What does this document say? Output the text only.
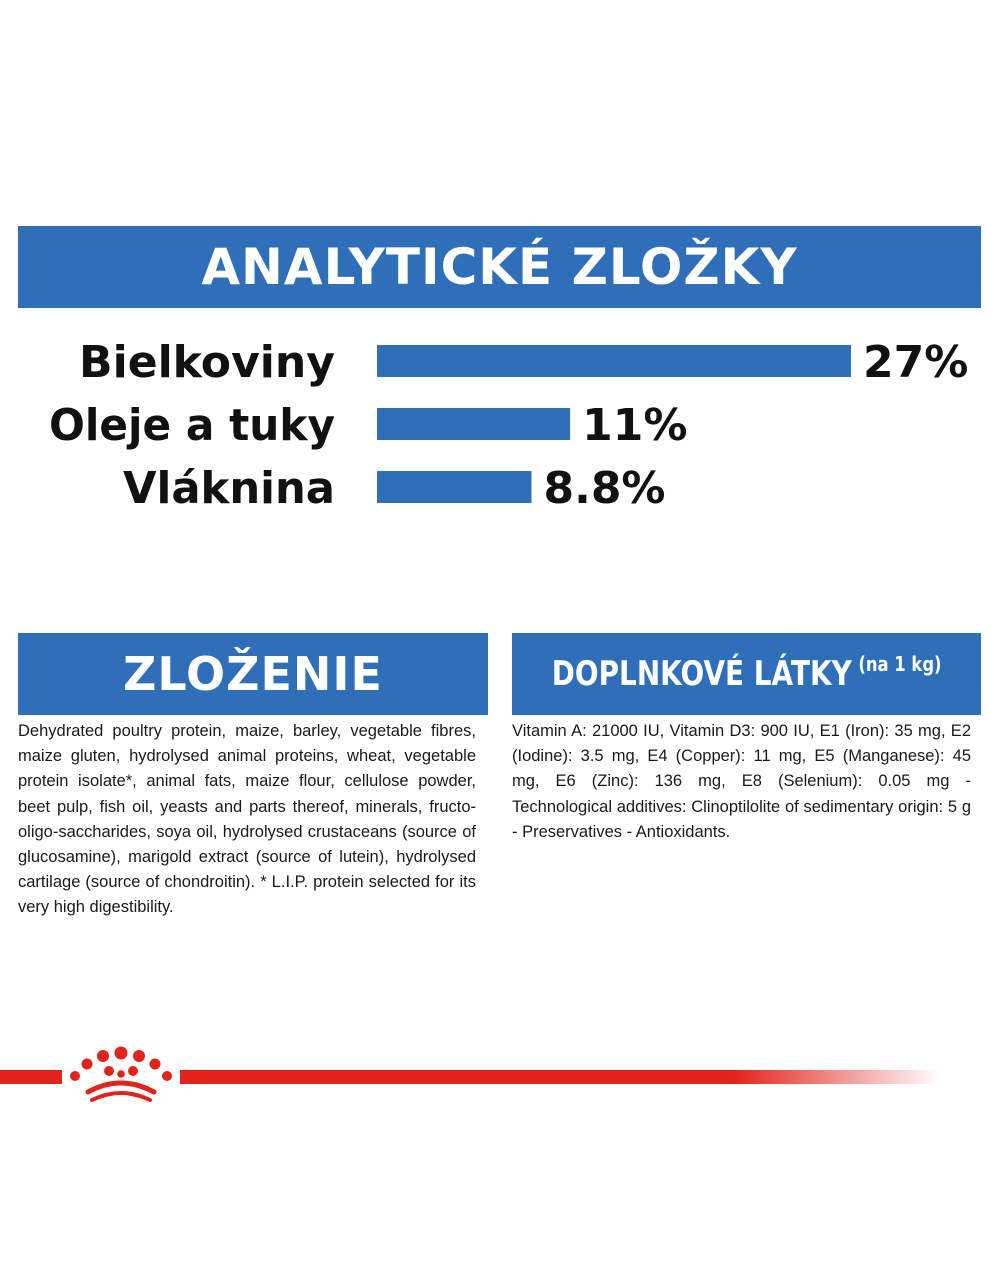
ANALYTICKÉ ZLOŽKY
Bielkoviny	27%
Oleje a tuky	11%
Vláknina	8.8%
ZLOŽENIE
Dehydrated poultry protein, maize, barley, vegetable fibres, maize gluten, hydrolysed animal proteins, wheat, vegetable protein isolate*, animal fats, maize flour, cellulose powder, beet pulp, fish oil, yeasts and parts thereof, minerals, fructo-oligo-saccharides, soya oil, hydrolysed crustaceans (source of glucosamine), marigold extract (source of lutein), hydrolysed cartilage (source of chondroitin). * L.I.P. protein selected for its very high digestibility.
DOPLNKOVÉ LÁTKY (na 1 kg)
Vitamin A: 21000 IU, Vitamin D3: 900 IU, E1 (Iron): 35 mg, E2 (Iodine): 3.5 mg, E4 (Copper): 11 mg, E5 (Manganese): 45 mg, E6 (Zinc): 136 mg, E8 (Selenium): 0.05 mg - Technological additives: Clinoptilolite of sedimentary origin: 5 g - Preservatives - Antioxidants.
